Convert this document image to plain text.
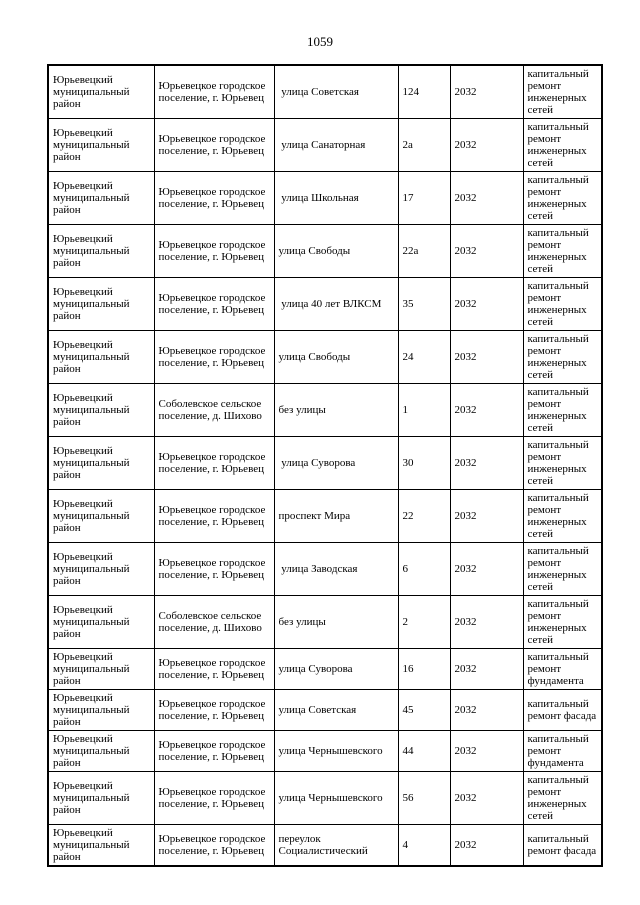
1059
Юрьевецкий муниципальный район	Юрьевецкое городское поселение, г. Юрьевец	улица Советская	124	2032	капитальный ремонт инженерных сетей
Юрьевецкий муниципальный район	Юрьевецкое городское поселение, г. Юрьевец	улица Санаторная	2а	2032	капитальный ремонт инженерных сетей
Юрьевецкий муниципальный район	Юрьевецкое городское поселение, г. Юрьевец	улица Школьная	17	2032	капитальный ремонт инженерных сетей
Юрьевецкий муниципальный район	Юрьевецкое городское поселение, г. Юрьевец	улица Свободы	22а	2032	капитальный ремонт инженерных сетей
Юрьевецкий муниципальный район	Юрьевецкое городское поселение, г. Юрьевец	улица 40 лет ВЛКСМ	35	2032	капитальный ремонт инженерных сетей
Юрьевецкий муниципальный район	Юрьевецкое городское поселение, г. Юрьевец	улица Свободы	24	2032	капитальный ремонт инженерных сетей
Юрьевецкий муниципальный район	Соболевское сельское поселение, д. Шихово	без улицы	1	2032	капитальный ремонт инженерных сетей
Юрьевецкий муниципальный район	Юрьевецкое городское поселение, г. Юрьевец	улица Суворова	30	2032	капитальный ремонт инженерных сетей
Юрьевецкий муниципальный район	Юрьевецкое городское поселение, г. Юрьевец	проспект Мира	22	2032	капитальный ремонт инженерных сетей
Юрьевецкий муниципальный район	Юрьевецкое городское поселение, г. Юрьевец	улица Заводская	6	2032	капитальный ремонт инженерных сетей
Юрьевецкий муниципальный район	Соболевское сельское поселение, д. Шихово	без улицы	2	2032	капитальный ремонт инженерных сетей
Юрьевецкий муниципальный район	Юрьевецкое городское поселение, г. Юрьевец	улица Суворова	16	2032	капитальный ремонт фундамента
Юрьевецкий муниципальный район	Юрьевецкое городское поселение, г. Юрьевец	улица Советская	45	2032	капитальный ремонт фасада
Юрьевецкий муниципальный район	Юрьевецкое городское поселение, г. Юрьевец	улица Чернышевского	44	2032	капитальный ремонт фундамента
Юрьевецкий муниципальный район	Юрьевецкое городское поселение, г. Юрьевец	улица Чернышевского	56	2032	капитальный ремонт инженерных сетей
Юрьевецкий муниципальный район	Юрьевецкое городское поселение, г. Юрьевец	переулок Социалистический	4	2032	капитальный ремонт фасада
